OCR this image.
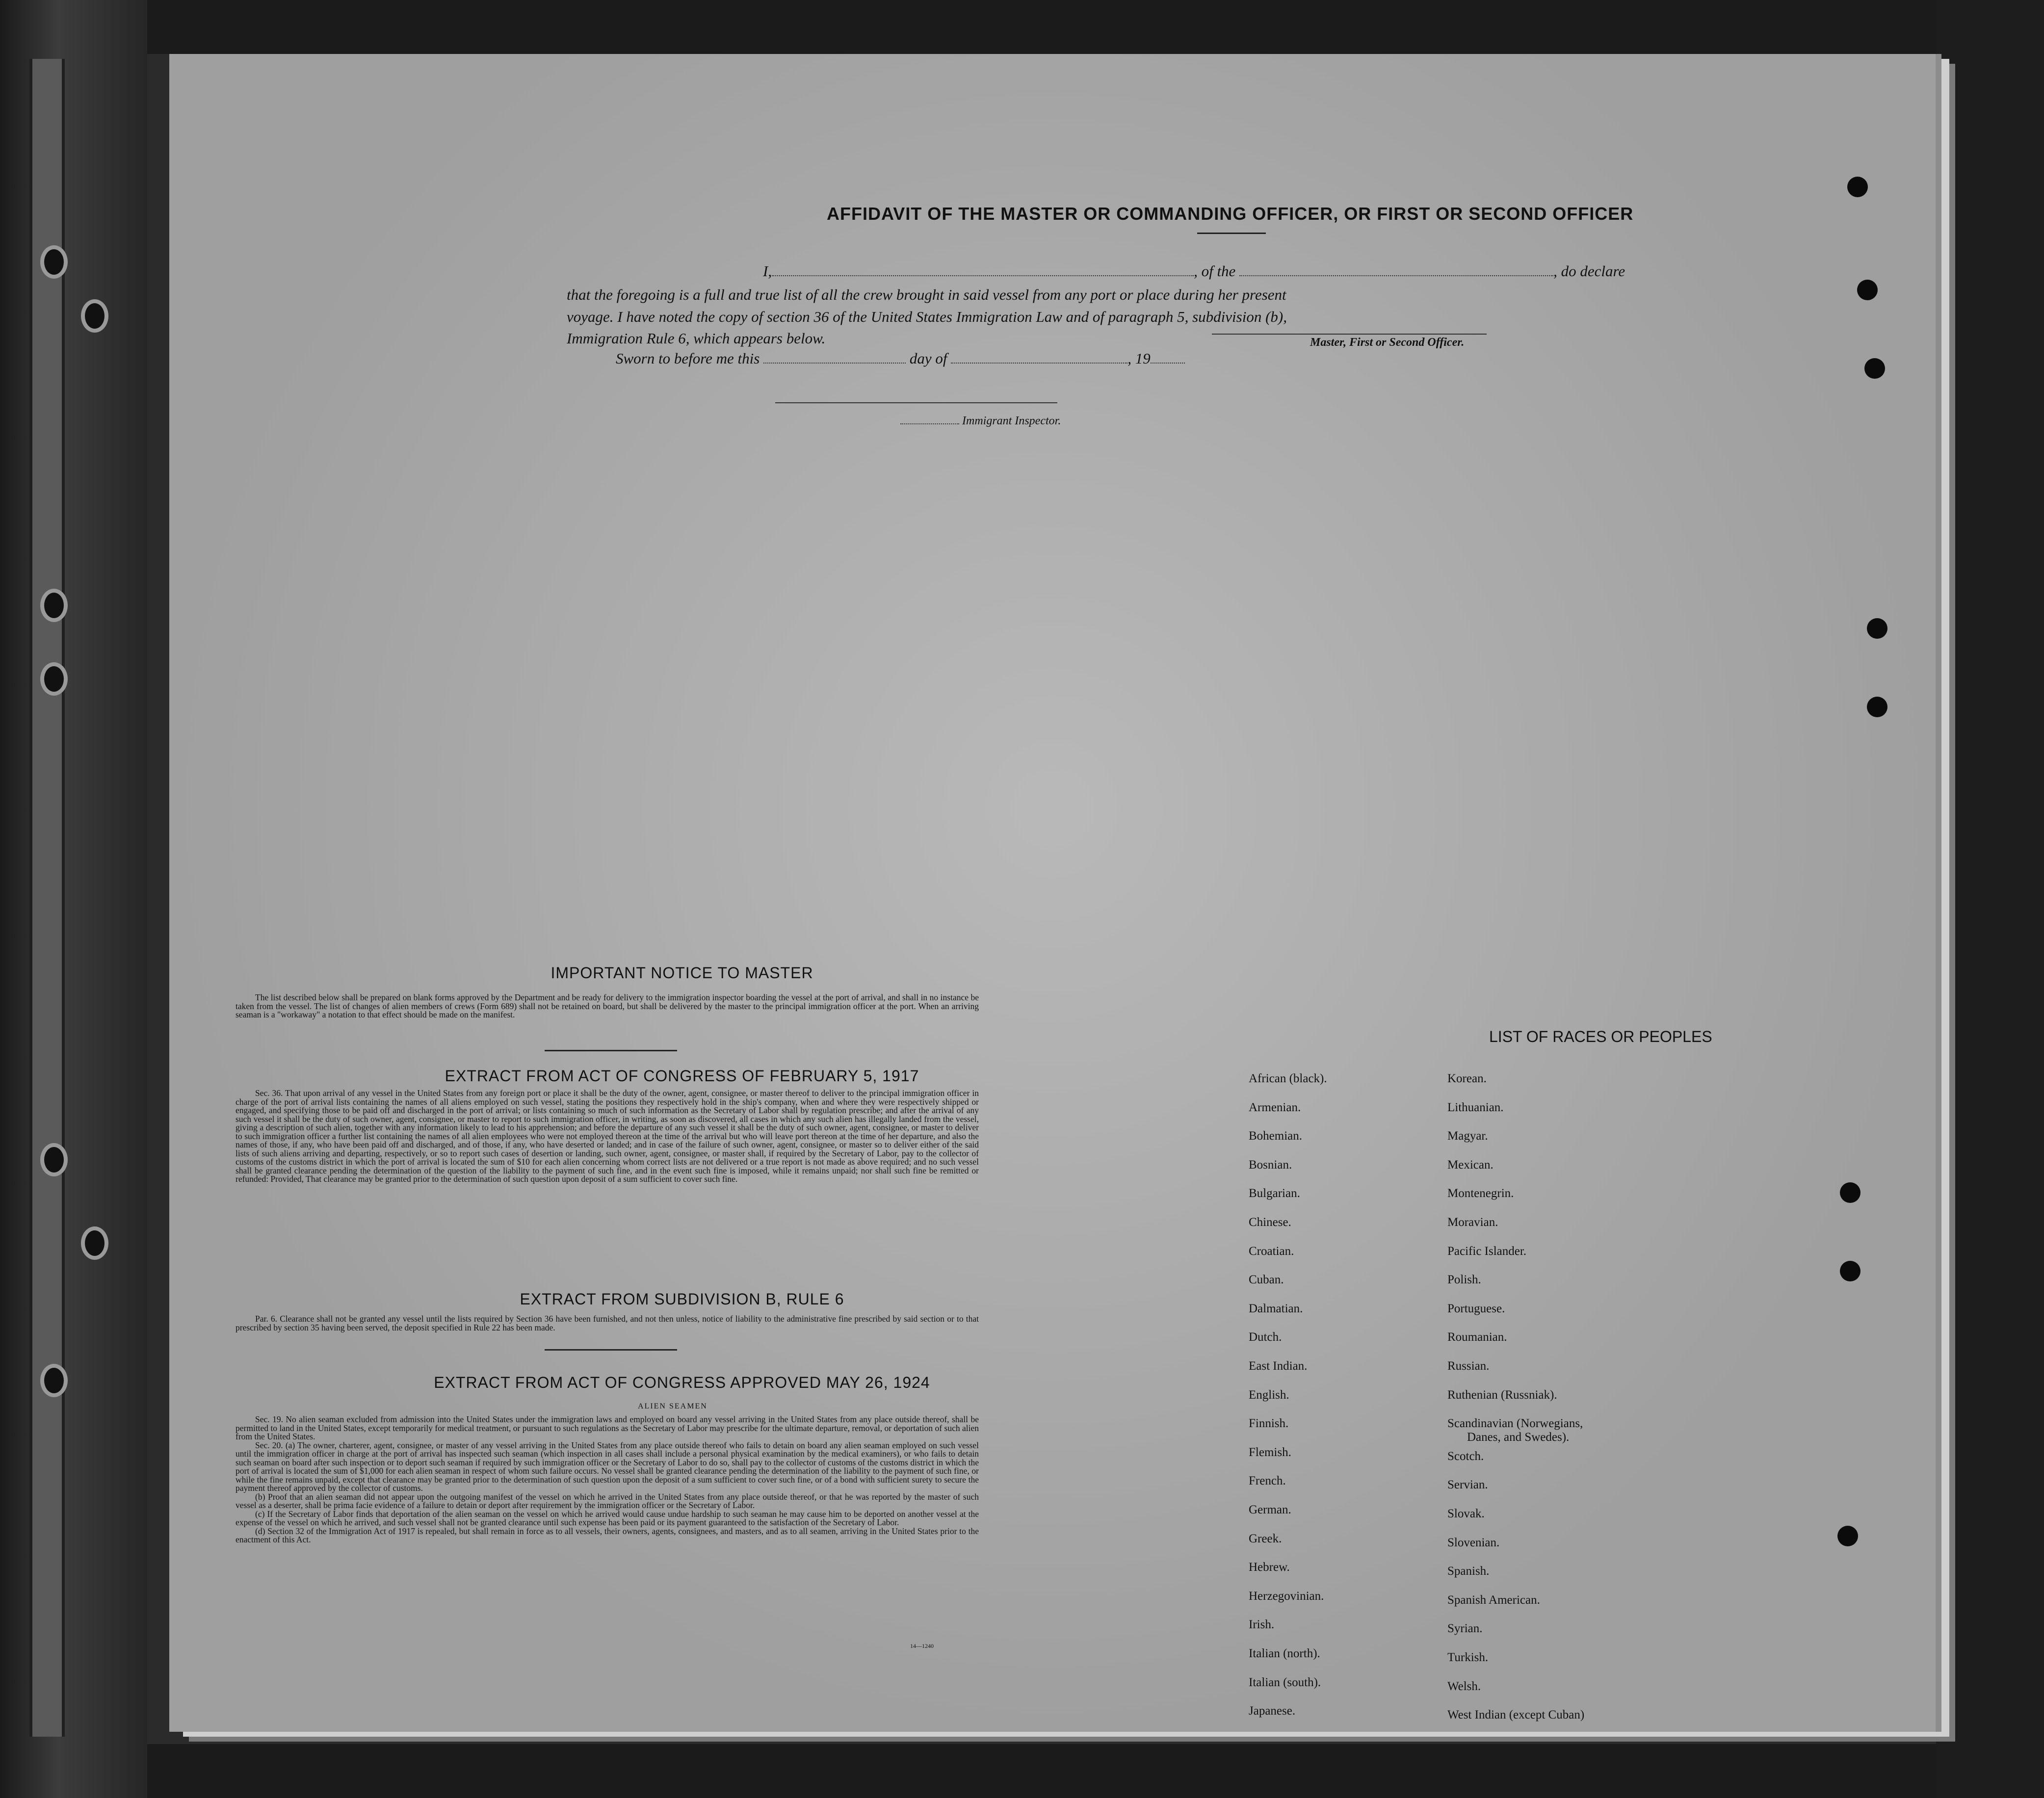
AFFIDAVIT OF THE MASTER OR COMMANDING OFFICER, OR FIRST OR SECOND OFFICER
I,	, of the	, do declare
that the foregoing is a full and true list of all the crew brought in said vessel from any port or place during her present
voyage. I have noted the copy of section 36 of the United States Immigration Law and of paragraph 5, subdivision (b),
Immigration Rule 6, which appears below.	Master, First or Second Officer.
Sworn to before me this	day of	, 19
Immigrant Inspector.
IMPORTANT NOTICE TO MASTER

The list described below shall be prepared on blank forms approved by the Department and be ready for delivery to the immigration inspector boarding the vessel at the port of arrival, and shall in no instance be taken from the vessel. The list of changes of alien members of crews (Form 689) shall not be retained on board, but shall be delivered by the master to the principal immigration officer at the port. When an arriving seaman is a "workaway" a notation to that effect should be made on the manifest.

EXTRACT FROM ACT OF CONGRESS OF FEBRUARY 5, 1917

Sec. 36. That upon arrival of any vessel in the United States from any foreign port or place it shall be the duty of the owner, agent, consignee, or master thereof to deliver to the principal immigration officer in charge of the port of arrival lists containing the names of all aliens employed on such vessel, stating the positions they respectively hold in the ship's company, when and where they were respectively shipped or engaged, and specifying those to be paid off and discharged in the port of arrival; or lists containing so much of such information as the Secretary of Labor shall by regulation prescribe; and after the arrival of any such vessel it shall be the duty of such owner, agent, consignee, or master to report to such immigration officer, in writing, as soon as discovered, all cases in which any such alien has illegally landed from the vessel, giving a description of such alien, together with any information likely to lead to his apprehension; and before the departure of any such vessel it shall be the duty of such owner, agent, consignee, or master to deliver to such immigration officer a further list containing the names of all alien employees who were not employed thereon at the time of the arrival but who will leave port thereon at the time of her departure, and also the names of those, if any, who have been paid off and discharged, and of those, if any, who have deserted or landed; and in case of the failure of such owner, agent, consignee, or master so to deliver either of the said lists of such aliens arriving and departing, respectively, or so to report such cases of desertion or landing, such owner, agent, consignee, or master shall, if required by the Secretary of Labor, pay to the collector of customs of the customs district in which the port of arrival is located the sum of $10 for each alien concerning whom correct lists are not delivered or a true report is not made as above required; and no such vessel shall be granted clearance pending the determination of the question of the liability to the payment of such fine, and in the event such fine is imposed, while it remains unpaid; nor shall such fine be remitted or refunded: Provided, That clearance may be granted prior to the determination of such question upon deposit of a sum sufficient to cover such fine.

EXTRACT FROM SUBDIVISION B, RULE 6

Par. 6. Clearance shall not be granted any vessel until the lists required by Section 36 have been furnished, and not then unless, notice of liability to the administrative fine prescribed by said section or to that prescribed by section 35 having been served, the deposit specified in Rule 22 has been made.

EXTRACT FROM ACT OF CONGRESS APPROVED MAY 26, 1924
ALIEN SEAMEN

Sec. 19. No alien seaman excluded from admission into the United States under the immigration laws and employed on board any vessel arriving in the United States from any place outside thereof, shall be permitted to land in the United States, except temporarily for medical treatment, or pursuant to such regulations as the Secretary of Labor may prescribe for the ultimate departure, removal, or deportation of such alien from the United States.

Sec. 20. (a) The owner, charterer, agent, consignee, or master of any vessel arriving in the United States from any place outside thereof who fails to detain on board any alien seaman employed on such vessel until the immigration officer in charge at the port of arrival has inspected such seaman (which inspection in all cases shall include a personal physical examination by the medical examiners), or who fails to detain such seaman on board after such inspection or to deport such seaman if required by such immigration officer or the Secretary of Labor to do so, shall pay to the collector of customs of the customs district in which the port of arrival is located the sum of $1,000 for each alien seaman in respect of whom such failure occurs. No vessel shall be granted clearance pending the determination of the liability to the payment of such fine, or while the fine remains unpaid, except that clearance may be granted prior to the determination of such question upon the deposit of a sum sufficient to cover such fine, or of a bond with sufficient surety to secure the payment thereof approved by the collector of customs.

(b) Proof that an alien seaman did not appear upon the outgoing manifest of the vessel on which he arrived in the United States from any place outside thereof, or that he was reported by the master of such vessel as a deserter, shall be prima facie evidence of a failure to detain or deport after requirement by the immigration officer or the Secretary of Labor.

(c) If the Secretary of Labor finds that deportation of the alien seaman on the vessel on which he arrived would cause undue hardship to such seaman he may cause him to be deported on another vessel at the expense of the vessel on which he arrived, and such vessel shall not be granted clearance until such expense has been paid or its payment guaranteed to the satisfaction of the Secretary of Labor.

(d) Section 32 of the Immigration Act of 1917 is repealed, but shall remain in force as to all vessels, their owners, agents, consignees, and masters, and as to all seamen, arriving in the United States prior to the enactment of this Act.

14—1240
LIST OF RACES OR PEOPLES
African (black).
Armenian.
Bohemian.
Bosnian.
Bulgarian.
Chinese.
Croatian.
Cuban.
Dalmatian.
Dutch.
East Indian.
English.
Finnish.
Flemish.
French.
German.
Greek.
Hebrew.
Herzegovinian.
Irish.
Italian (north).
Italian (south).
Japanese.
Korean.
Lithuanian.
Magyar.
Mexican.
Montenegrin.
Moravian.
Pacific Islander.
Polish.
Portuguese.
Roumanian.
Russian.
Ruthenian (Russniak).
Scandinavian (Norwegians,
Scotch.
Servian.
Slovak.
Slovenian.
Spanish.
Spanish American.
Syrian.
Turkish.
Welsh.
West Indian (except Cuban)
Danes, and Swedes).
